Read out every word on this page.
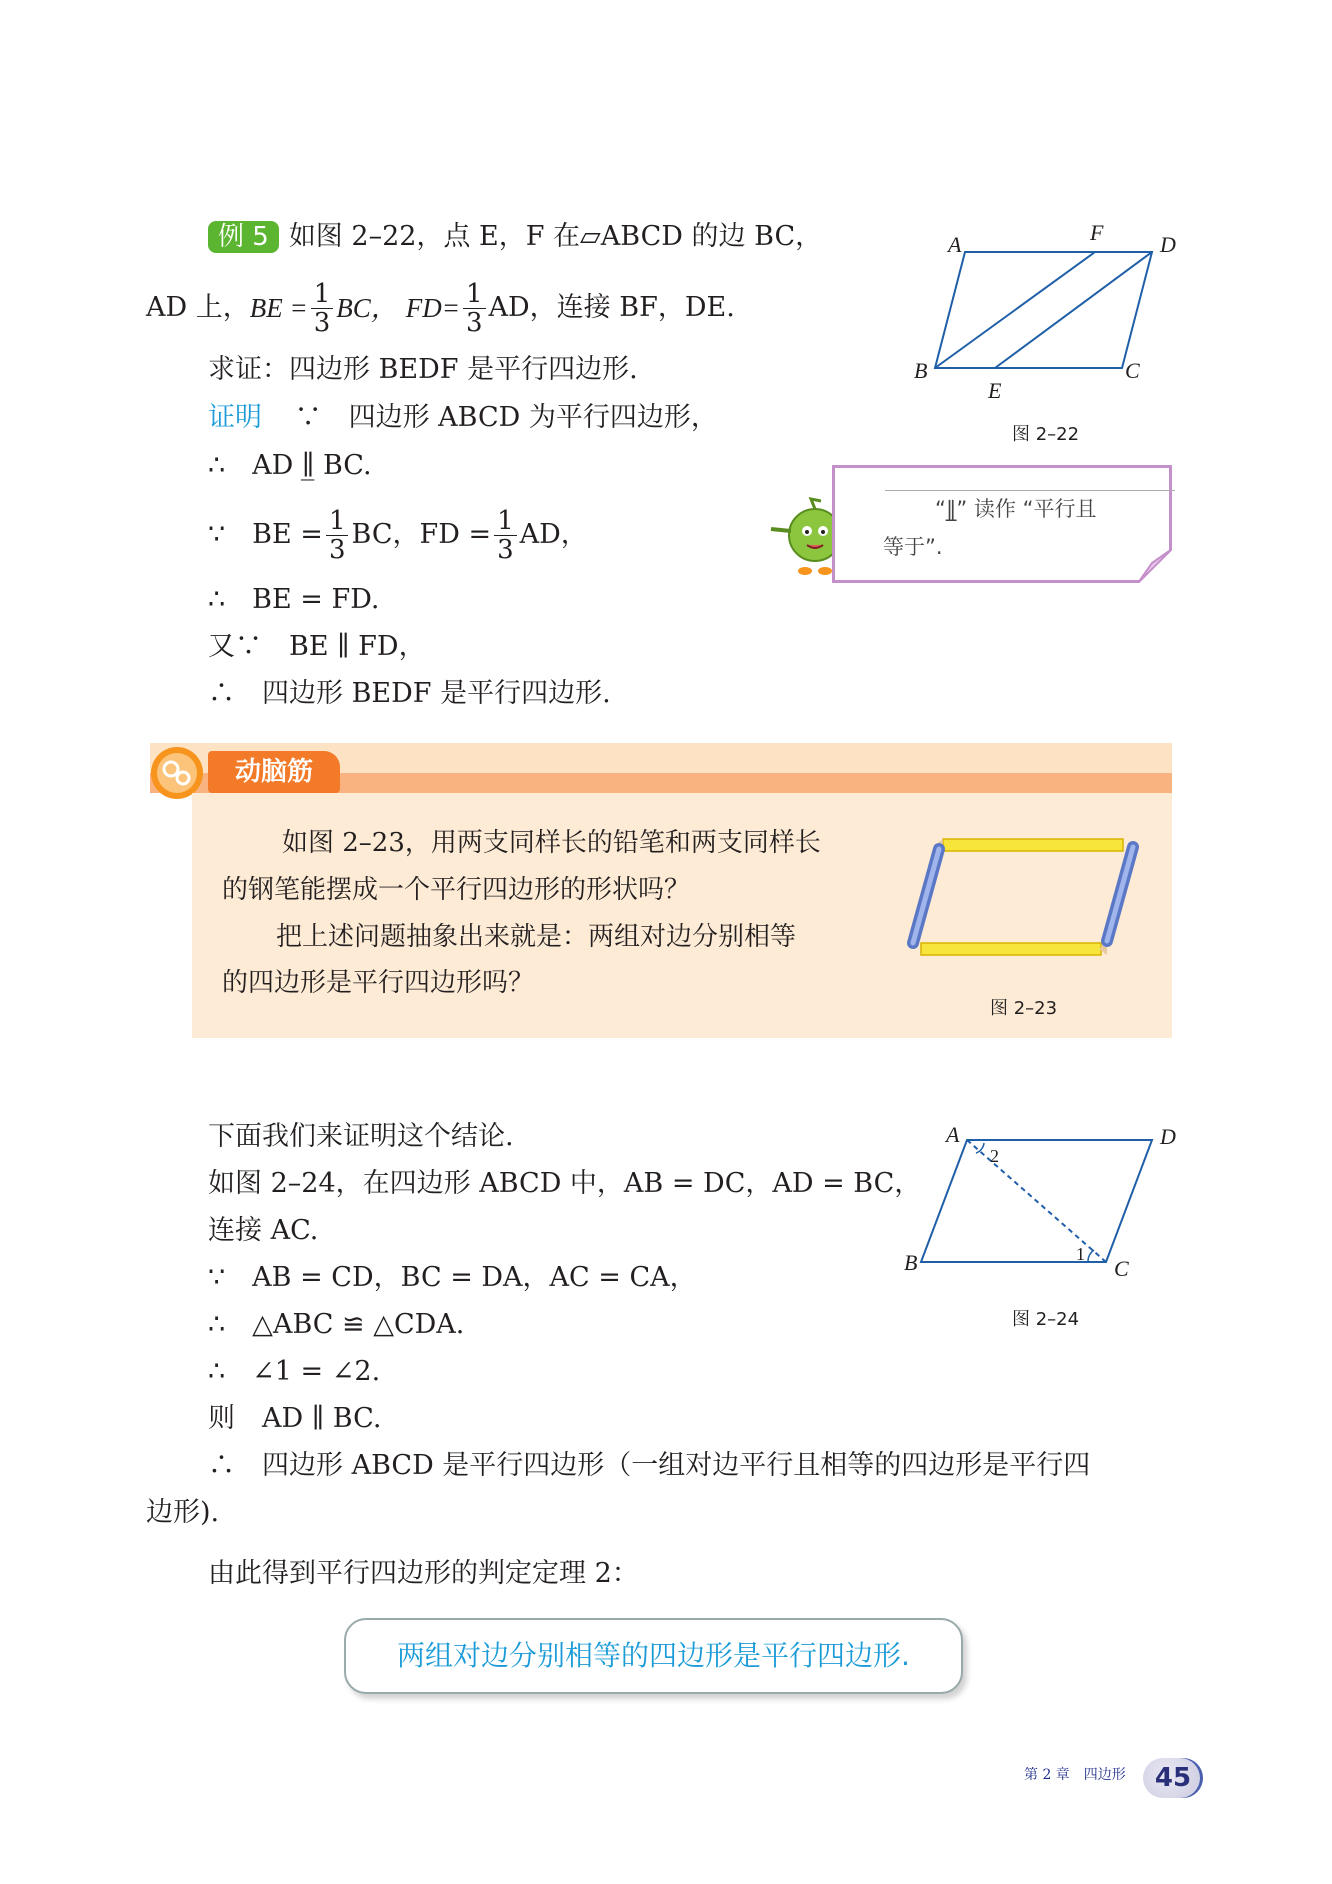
例 5 如图 2–22，点 E，F 在▱ABCD 的边 BC，
AD 上， BE = $\frac{1}{3}$ BC， $FD= \frac{1}{3}$ AD，连接 BF，DE.
求证：四边形 BEDF 是平行四边形.
证明 ∵　四边形 ABCD 为平行四边形，
∴　AD ∥̲ BC.
∵　BE = $\frac{1}{3}$ BC，FD = $\frac{1}{3}$ AD，
∴　BE = FD.
又∵　BE ∥ FD，
∴　四边形 BEDF 是平行四边形.
A	F	D
B
E
C
图 2–22
“∥̲” 读作 “平行且
等于”.
动脑筋
如图 2–23，用两支同样长的铅笔和两支同样长
的钢笔能摆成一个平行四边形的形状吗？
把上述问题抽象出来就是：两组对边分别相等
的四边形是平行四边形吗？
图 2–23
下面我们来证明这个结论.
如图 2–24，在四边形 ABCD 中，AB = DC，AD = BC，
连接 AC.
∵　AB = CD，BC = DA，AC = CA，
∴　△ABC ≌ △CDA.
∴　∠1 = ∠2.
则　AD ∥ BC.
∴　四边形 ABCD 是平行四边形（一组对边平行且相等的四边形是平行四
边形).
由此得到平行四边形的判定定理 2：
A	D
B	C
1
2
图 2–24
两组对边分别相等的四边形是平行四边形.
第 2 章　四边形	45
